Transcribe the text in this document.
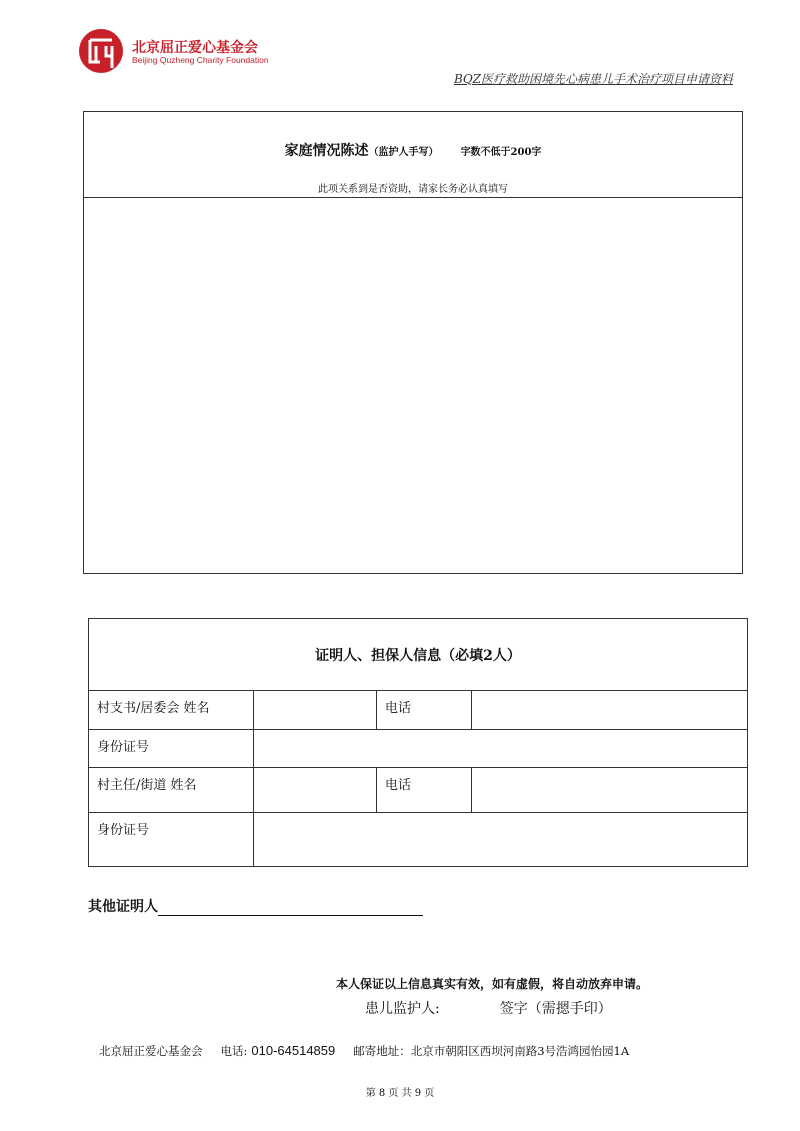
北京屈正爱心基金会
Beijing Quzheng Charity Foundation
BQZ医疗救助困境先心病患儿手术治疗项目申请资料
家庭情况陈述（监护人手写） 字数不低于200字
此项关系到是否资助，请家长务必认真填写
证明人、担保人信息（必填2人）			
村支书/居委会 姓名		电话	
身份证号			
村主任/街道 姓名		电话	
身份证号			
其他证明人
本人保证以上信息真实有效，如有虚假，将自动放弃申请。
患儿监护人:	签字（需摁手印）
北京屈正爱心基金会 电话: 010-64514859 邮寄地址：北京市朝阳区西坝河南路3号浩鸿园怡园1A
第 8 页 共 9 页
